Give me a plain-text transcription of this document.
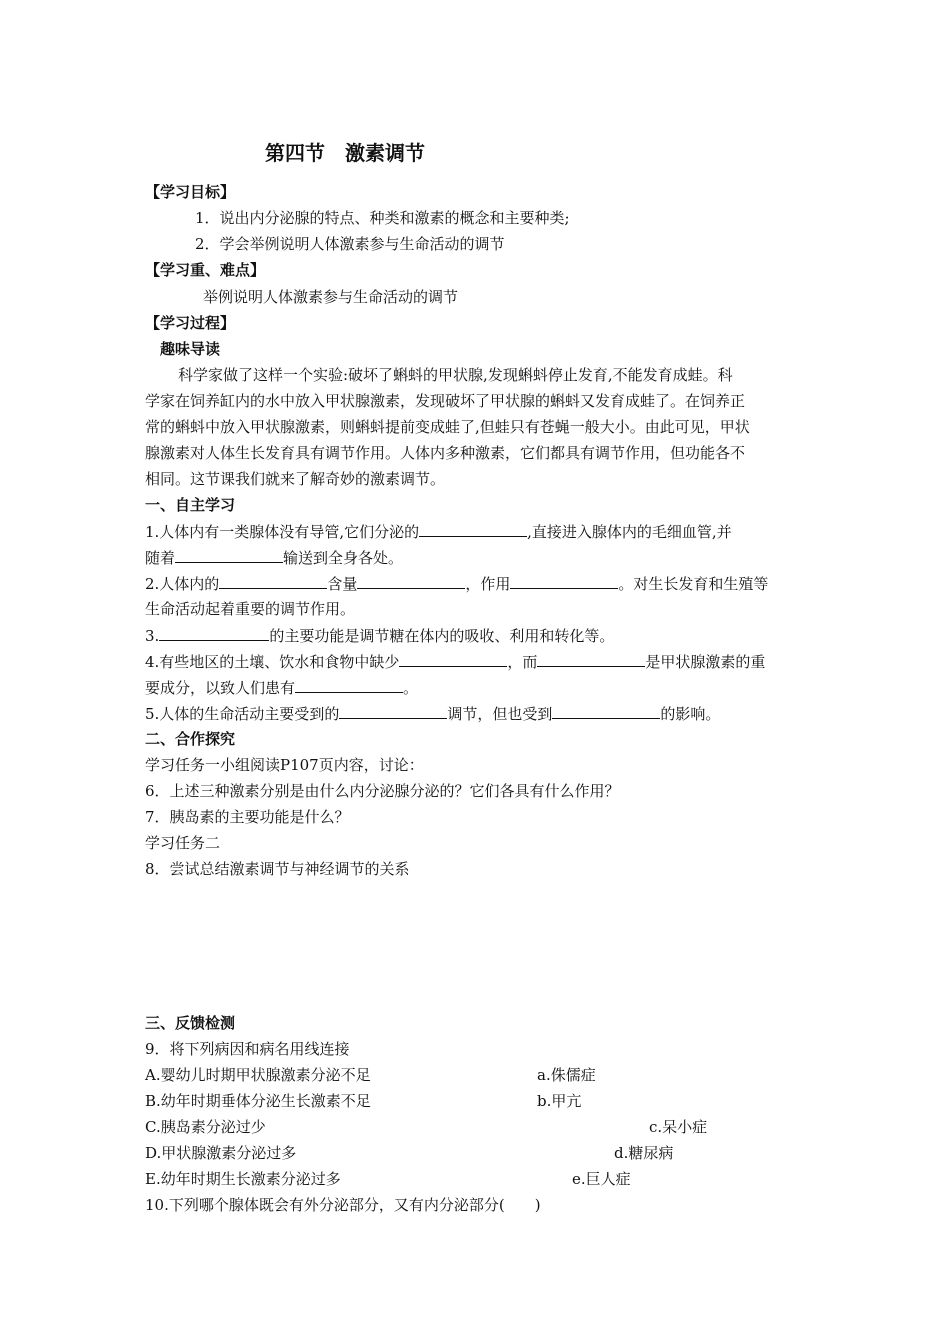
第四节　激素调节
【学习目标】
1．说出内分泌腺的特点、种类和激素的概念和主要种类;
2．学会举例说明人体激素参与生命活动的调节
【学习重、难点】
举例说明人体激素参与生命活动的调节
【学习过程】
趣味导读
科学家做了这样一个实验:破坏了蝌蚪的甲状腺,发现蝌蚪停止发育,不能发育成蛙。科
学家在饲养缸内的水中放入甲状腺激素，发现破坏了甲状腺的蝌蚪又发育成蛙了。在饲养正
常的蝌蚪中放入甲状腺激素，则蝌蚪提前变成蛙了,但蛙只有苍蝇一般大小。由此可见，甲状
腺激素对人体生长发育具有调节作用。人体内多种激素，它们都具有调节作用，但功能各不
相同。这节课我们就来了解奇妙的激素调节。
一、自主学习
1.人体内有一类腺体没有导管,它们分泌的	,直接进入腺体内的毛细血管,并
随着	输送到全身各处。
2.人体内的	含量	，作用	。对生长发育和生殖等
生命活动起着重要的调节作用。
3.	的主要功能是调节糖在体内的吸收、利用和转化等。
4.有些地区的土壤、饮水和食物中缺少	，而	是甲状腺激素的重
要成分，以致人们患有	。
5.人体的生命活动主要受到的	调节，但也受到	的影响。
二、合作探究
学习任务一小组阅读P107页内容，讨论：
6．上述三种激素分别是由什么内分泌腺分泌的？它们各具有什么作用？
7．胰岛素的主要功能是什么？
学习任务二
8．尝试总结激素调节与神经调节的关系
三、反馈检测
9．将下列病因和病名用线连接
A.婴幼儿时期甲状腺激素分泌不足	a.侏儒症
B.幼年时期垂体分泌生长激素不足	b.甲亢
C.胰岛素分泌过少	c.呆小症
D.甲状腺激素分泌过多	d.糖尿病
E.幼年时期生长激素分泌过多	e.巨人症
10.下列哪个腺体既会有外分泌部分，又有内分泌部分( )
